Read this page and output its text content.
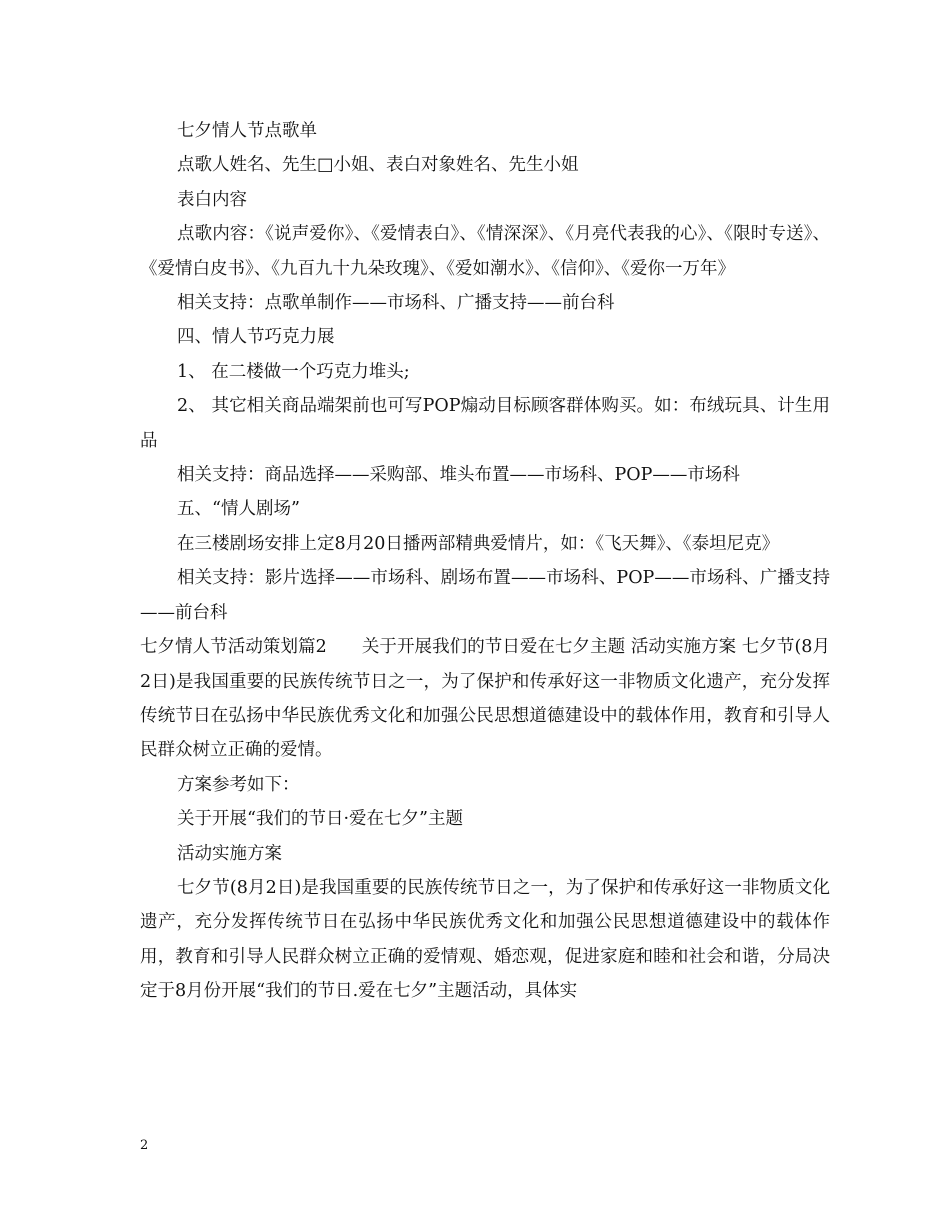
七夕情人节点歌单

点歌人姓名、先生□小姐、表白对象姓名、先生小姐

表白内容

点歌内容：《说声爱你》、《爱情表白》、《情深深》、《月亮代表我的心》、《限时专送》、《爱情白皮书》、《九百九十九朵玫瑰》、《爱如潮水》、《信仰》、《爱你一万年》

相关支持：点歌单制作——市场科、广播支持——前台科

四、情人节巧克力展

1、 在二楼做一个巧克力堆头;

2、 其它相关商品端架前也可写POP煽动目标顾客群体购买。如：布绒玩具、计生用品

相关支持：商品选择——采购部、堆头布置——市场科、POP——市场科

五、“情人剧场”

在三楼剧场安排上定8月20日播两部精典爱情片，如：《飞天舞》、《泰坦尼克》

相关支持：影片选择——市场科、剧场布置——市场科、POP——市场科、广播支持——前台科

七夕情人节活动策划篇2　　关于开展我们的节日爱在七夕主题 活动实施方案 七夕节(8月2日)是我国重要的民族传统节日之一，为了保护和传承好这一非物质文化遗产，充分发挥传统节日在弘扬中华民族优秀文化和加强公民思想道德建设中的载体作用，教育和引导人民群众树立正确的爱情。

方案参考如下：

关于开展“我们的节日·爱在七夕”主题

活动实施方案

七夕节(8月2日)是我国重要的民族传统节日之一，为了保护和传承好这一非物质文化遗产，充分发挥传统节日在弘扬中华民族优秀文化和加强公民思想道德建设中的载体作用，教育和引导人民群众树立正确的爱情观、婚恋观，促进家庭和睦和社会和谐，分局决定于8月份开展“我们的节日.爱在七夕”主题活动，具体实

2
